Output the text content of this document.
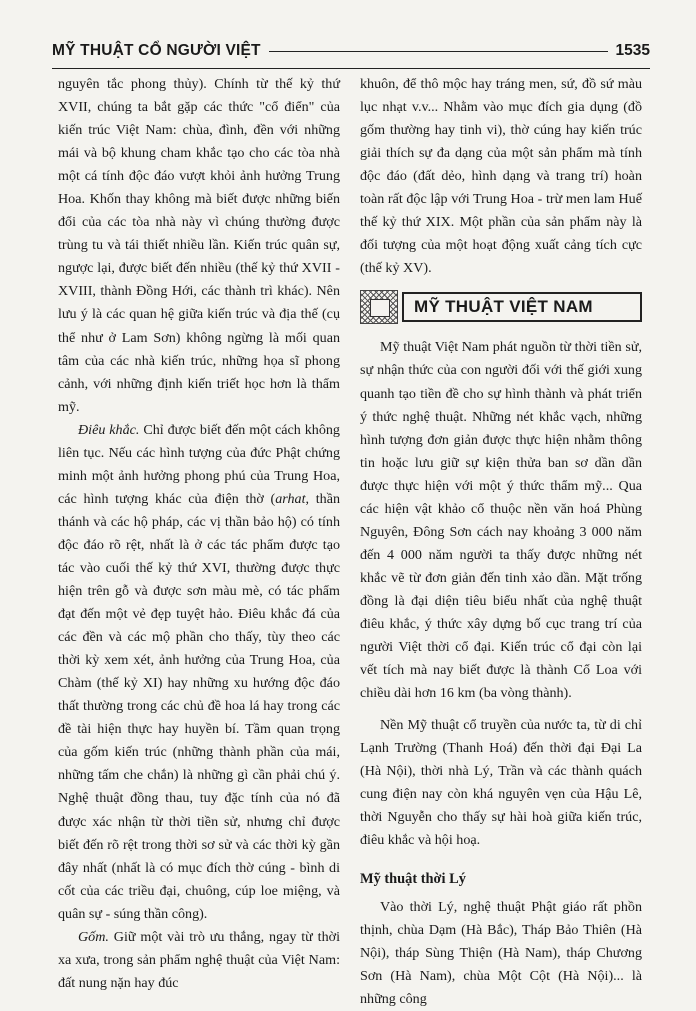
MỸ THUẬT CỔ NGƯỜI VIỆT	1535

nguyên tắc phong thủy). Chính từ thế kỷ thứ XVII, chúng ta bắt gặp các thức "cổ điển" của kiến trúc Việt Nam: chùa, đình, đền với những mái và bộ khung cham khắc tạo cho các tòa nhà một cá tính độc đáo vượt khỏi ảnh hưởng Trung Hoa. Khốn thay không mà biết được những biến đổi của các tòa nhà này vì chúng thường được trùng tu và tái thiết nhiều lần. Kiến trúc quân sự, ngược lại, được biết đến nhiều (thế kỷ thứ XVII - XVIII, thành Đồng Hới, các thành trì khác). Nên lưu ý là các quan hệ giữa kiến trúc và địa thế (cụ thể như ở Lam Sơn) không ngừng là mối quan tâm của các nhà kiến trúc, những họa sĩ phong cảnh, với những định kiến triết học hơn là thẩm mỹ.

Điêu khắc. Chỉ được biết đến một cách không liên tục. Nếu các hình tượng của đức Phật chứng minh một ảnh hưởng phong phú của Trung Hoa, các hình tượng khác của điện thờ (arhat, thần thánh và các hộ pháp, các vị thần bảo hộ) có tính độc đáo rõ rệt, nhất là ở các tác phẩm được tạo tác vào cuối thế kỷ thứ XVI, thường được thực hiện trên gỗ và được sơn màu mè, có tác phẩm đạt đến một vẻ đẹp tuyệt hảo. Điêu khắc đá của các đền và các mộ phần cho thấy, tùy theo các thời kỳ xem xét, ảnh hưởng của Trung Hoa, của Chàm (thế kỷ XI) hay những xu hướng độc đáo thất thường trong các chủ đề hoa lá hay trong các đề tài hiện thực hay huyền bí. Tầm quan trọng của gốm kiến trúc (những thành phần của mái, những tấm che chắn) là những gì cần phải chú ý. Nghệ thuật đồng thau, tuy đặc tính của nó đã được xác nhận từ thời tiền sử, nhưng chỉ được biết đến rõ rệt trong thời sơ sử và các thời kỳ gần đây nhất (nhất là có mục đích thờ cúng - bình di cốt của các triều đại, chuông, cúp loe miệng, và quân sự - súng thần công).

Gốm. Giữ một vài trò ưu thắng, ngay từ thời xa xưa, trong sản phẩm nghệ thuật của Việt Nam: đất nung nặn hay đúc

khuôn, để thô mộc hay tráng men, sứ, đồ sứ màu lục nhạt v.v... Nhằm vào mục đích gia dụng (đồ gốm thường hay tinh vi), thờ cúng hay kiến trúc giải thích sự đa dạng của một sản phẩm mà tính độc đáo (đất dẻo, hình dạng và trang trí) hoàn toàn rất độc lập với Trung Hoa - trừ men lam Huế thế kỷ thứ XIX. Một phần của sản phẩm này là đối tượng của một hoạt động xuất cảng tích cực (thế kỷ XV).

MỸ THUẬT VIỆT NAM

Mỹ thuật Việt Nam phát nguồn từ thời tiền sử, sự nhận thức của con người đối với thế giới xung quanh tạo tiền đề cho sự hình thành và phát triển ý thức nghệ thuật. Những nét khắc vạch, những hình tượng đơn giản được thực hiện nhằm thông tin hoặc lưu giữ sự kiện thửa ban sơ dần dần được thực hiện với một ý thức thẩm mỹ... Qua các hiện vật khảo cổ thuộc nền văn hoá Phùng Nguyên, Đông Sơn cách nay khoảng 3 000 năm đến 4 000 năm người ta thấy được những nét khắc vẽ từ đơn giản đến tinh xảo dần. Mặt trống đồng là đại diện tiêu biểu nhất của nghệ thuật điêu khắc, ý thức xây dựng bố cục trang trí của người Việt thời cổ đại. Kiến trúc cổ đại còn lại vết tích mà nay biết được là thành Cổ Loa với chiều dài hơn 16 km (ba vòng thành).

Nền Mỹ thuật cổ truyền của nước ta, từ di chỉ Lạnh Trường (Thanh Hoá) đến thời đại Đại La (Hà Nội), thời nhà Lý, Trần và các thành quách cung điện nay còn khá nguyên vẹn của Hậu Lê, thời Nguyễn cho thấy sự hài hoà giữa kiến trúc, điêu khắc và hội hoạ.

Mỹ thuật thời Lý

Vào thời Lý, nghệ thuật Phật giáo rất phồn thịnh, chùa Dạm (Hà Bắc), Tháp Bảo Thiên (Hà Nội), tháp Sùng Thiện (Hà Nam), tháp Chương Sơn (Hà Nam), chùa Một Cột (Hà Nội)... là những công
